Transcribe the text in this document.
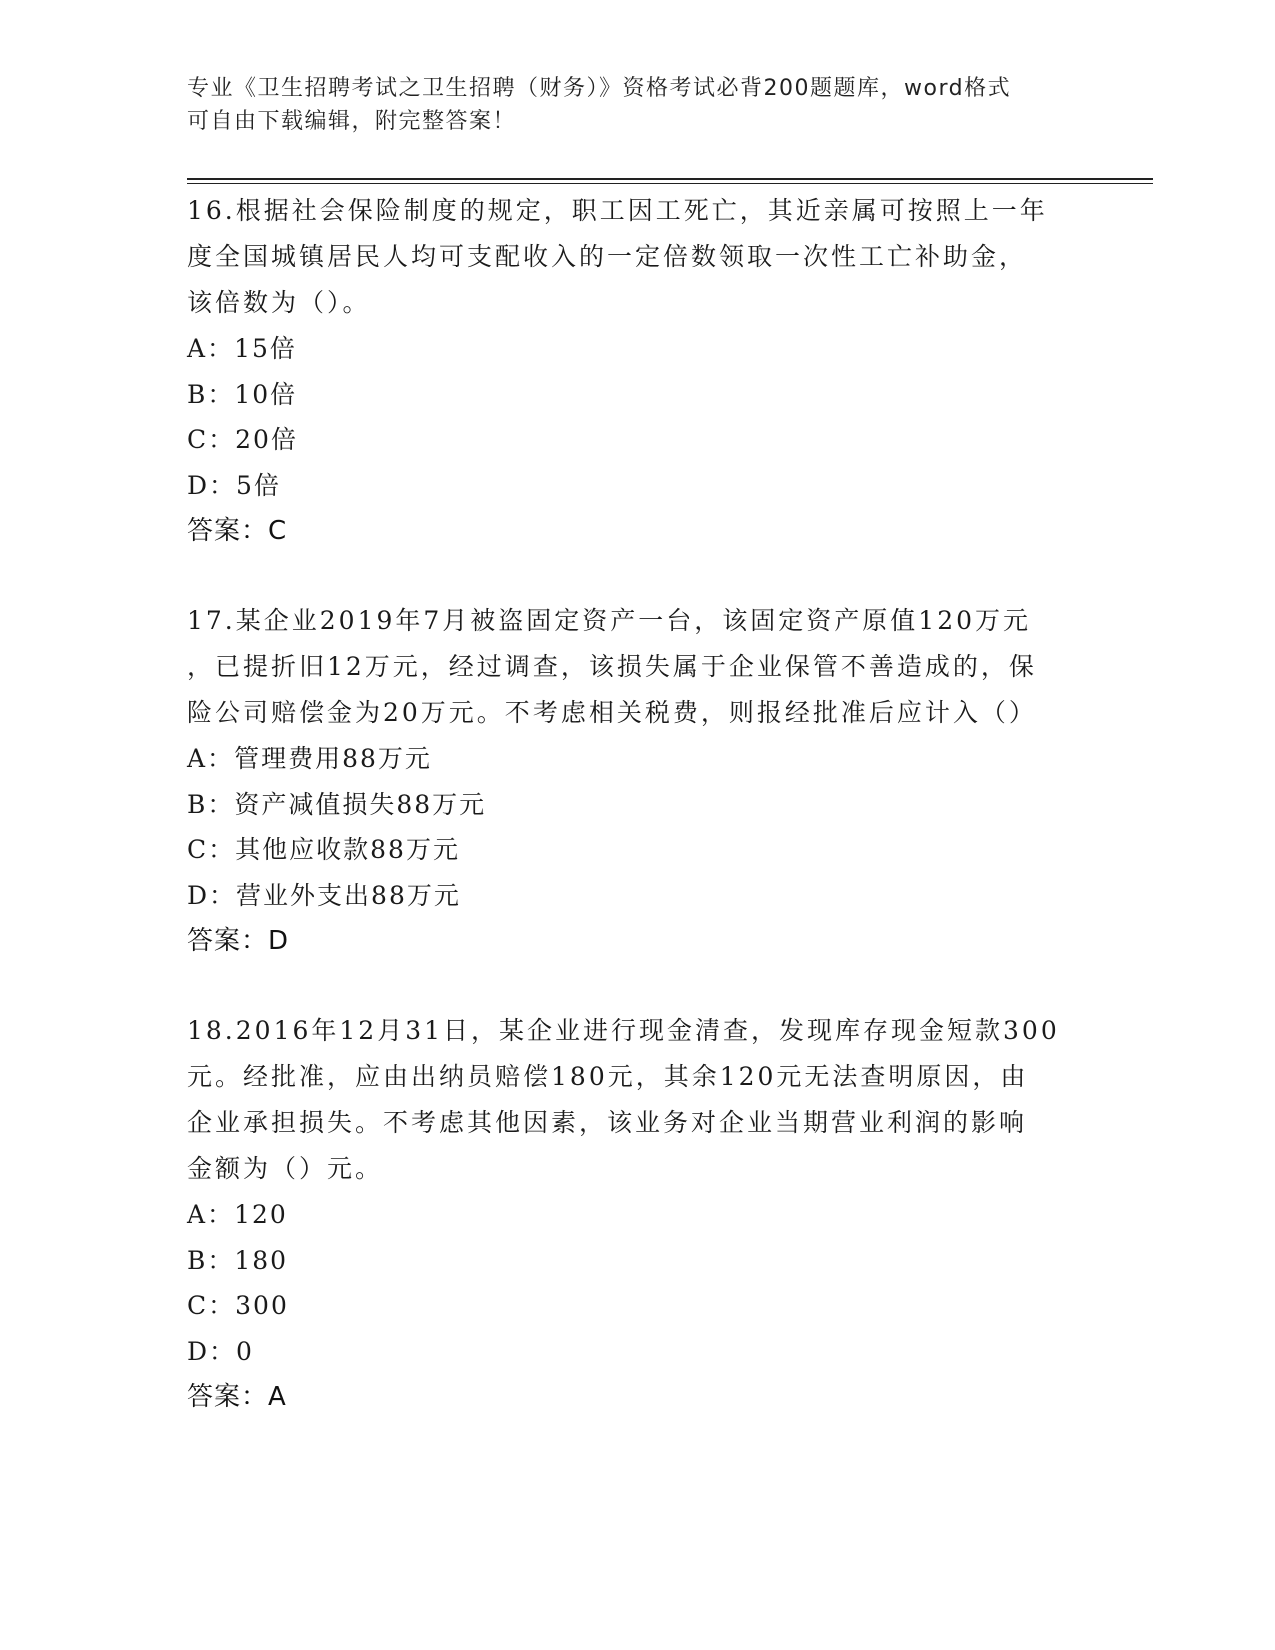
专业《卫生招聘考试之卫生招聘（财务）》资格考试必背200题题库，word格式
可自由下载编辑，附完整答案！
16.根据社会保险制度的规定，职工因工死亡，其近亲属可按照上一年
度全国城镇居民人均可支配收入的一定倍数领取一次性工亡补助金，
该倍数为（）。
A：15倍
B：10倍
C：20倍
D：5倍
答案：C
17.某企业2019年7月被盗固定资产一台，该固定资产原值120万元
，已提折旧12万元，经过调查，该损失属于企业保管不善造成的，保
险公司赔偿金为20万元。不考虑相关税费，则报经批准后应计入（）
A：管理费用88万元
B：资产减值损失88万元
C：其他应收款88万元
D：营业外支出88万元
答案：D
18.2016年12月31日，某企业进行现金清查，发现库存现金短款300
元。经批准，应由出纳员赔偿180元，其余120元无法查明原因，由
企业承担损失。不考虑其他因素，该业务对企业当期营业利润的影响
金额为（）元。
A：120
B：180
C：300
D：0
答案：A
